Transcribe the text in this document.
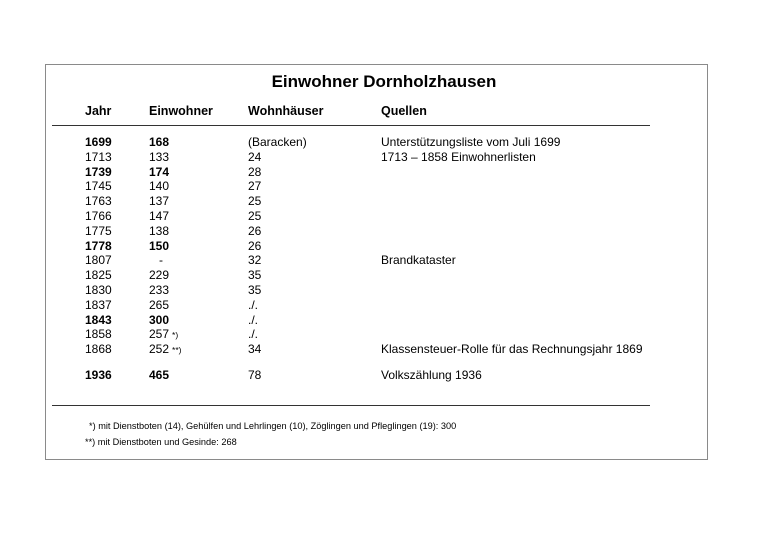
Einwohner Dornholzhausen
Jahr	Einwohner	Wohnhäuser	Quellen
1699	168	(Baracken)	Unterstützungsliste vom Juli 1699
1713	133	24	1713 – 1858 Einwohnerlisten
1739	174	28
1745	140	27
1763	137	25
1766	147	25
1775	138	26
1778	150	26
1807	-	32	Brandkataster
1825	229	35
1830	233	35
1837	265	./.
1843	300	./.
1858	257 *)	./.
1868	252 **)	34	Klassensteuer-Rolle für das Rechnungsjahr 1869
1936	465	78	Volkszählung 1936
*) mit Dienstboten (14), Gehülfen und Lehrlingen (10), Zöglingen und Pfleglingen (19): 300
**) mit Dienstboten und Gesinde: 268
